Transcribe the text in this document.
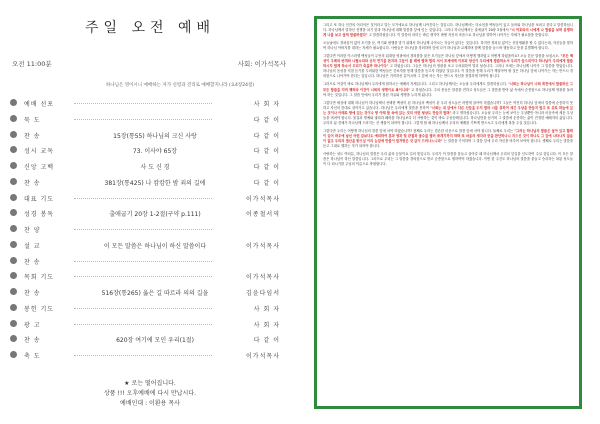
주일 오전 예배
오전 11:00분	사회: 이가석목사
하나님은 영이시니 예배하는 자가 신령과 진리로 예배할지니라 (요4장24절)
예배 선포	사 회 자
묵 도	다 같 이
찬 송	15장(통55) 하나님의 크신 사랑	다 같 이
성시 교독	73. 이사야 65장	다 같 이
신앙 고백	사 도 신 경	다 같 이
찬 송	381장(통425) 나 캄캄한 밤 죄의 길에	다 같 이
대표 기도	이가석목사
성경 봉독	출애굽기 20장 1-2절(구약 p.111)	이종철서역
찬 양
설 교	이 모든 말씀은 하나님이 하신 말씀이다	이가석목사
찬 송
목회 기도	이가석목사
찬 송	516장(통265) 옳은 길 따르라 의의 길을	김윤다임서
봉헌 기도	사 회 자
광 고	사 회 자
찬 송	620장 여기에 모인 우리(1절)	다 같 이
축 도	이가석목사
★ 로는 떨어집니다.
상품 !!! 오후예배에 다시 만납시다.
예배인대 : 이환용 목사

그리고 또 하나 인간의 어리석은 것이라고 말는 모기에요로 하나님께 나아간다는 것입니다. 하나님께서는 미소천을 백성들이 있고 들어와 하나님을 보려고 한다고 말씀하십니다. 하나님께서 말하신 전쟁을 치기 한과 하나님에 대해 말씀을 앞에 잇는 것입니다. 그러나 하나님께서는 출애굽기 20장 3절에서 "너 여호와의 너에게 나 말씀을 보며 분명하게 나를 보고 살게 말씀하셨다" 고 말씀하셨습니다. 이 말씀의 의미는 바른 생각이 바뀐 자신의 마음으로 하나님을 향하여 나아가는 자세가 필요함을 뜻합니다.

오늘날에도 경외심이 없이 모기을 둔, 여기와 평행을 맞기 위해서 하나님께 나아오는 자들이 있다는 것입니다. 하지만 경외심 없이는 신앙생활을 할 수 없다는데, 자신들을 향하여 하나님 아버지를 대하는 자세가 필요합니다. 사람들은 하나님을 경외하며 앞에 나가 하나님과 교제하며 함께 말씀을 들으며 행동하고 뜻을 분별해야 합니다.

그렇다면 이러한 이스라엘 백성들이 무언의 위대함 영광에서 경외함을 잃은 모기들은 하나님 앞에서 어떻게 행하였고 어떻게 하였을까요? 오늘 본문 말씀을 보십시오. "모든 백성이 우레와 번개와 나팔소리와 산의 연기를 본지라 그들이 볼 때에 떨며 멀리 서서 모세에게 이르되 당신이 우리에게 말씀하소서 우리가 들으리이다 하나님이 우리에게 말씀하시지 말게 하소서 우리가 죽을까 하나이다" 고 하였습니다. 그들은 하나님의 영광을 보고 두려워하여 멀리 섰습니다. 그러나 모세는 하나님께 나아가 그 말씀을 받았습니다. 하나님의 음성을 직접 듣기를 두려워한 백성들은 중보자를 통해 말씀을 듣고자 하였던 것입니다. 이 말씀을 통해 우리가 깨달아야 할 것은 하나님 앞에 나아가는 자는 반드시 경외함으로 나아가야 한다는 것입니다. 하나님은 거룩하신 분이시며 그 앞에 서는 자는 반드시 자신을 정결하게 하여야 합니다.

그러므로 이것이 바로 하나님께서 우리에게 원하시는 예배의 자세입니다. 그리고 하나님께서는 오늘날 우리에게도 말씀하십니다. "너희는 하나님이 너희 목전에서 말씀하신 그 모든 말씀을 지켜 행하라 이것이 너희의 생명이요 복이니라" 고 하셨습니다. 주의 종들은 말씀을 전하고 성도들은 그 말씀을 받아 삶 속에서 순종함으로 하나님께 영광을 돌려야 하는 것입니다. 그 말씀 안에서 우리가 참된 자유와 생명을 누리게 됩니다.

그렇다면 세상에 대해 하나님이 하나님께서 선택한 백성이 된 하나님의 백성이 된 우리 성도들은 어떻게 살아야 하겠습니까? 그들은 여전히 하나님 앞에서 말씀에 순종하지 못하고 자신의 뜻대로 살아가고 있습니다. 하나님은 우리에게 말씀을 통하여 "너희는 내 앞에서 다른 신들을 두지 말라 너를 위하여 새긴 우상을 만들지 말고 또 위로 하늘에 있는 것이나 아래로 땅에 있는 것이나 땅 아래 물 속에 있는 것의 어떤 형상도 만들지 말며" 라고 명하셨습니다. 오늘날 우리는 눈에 보이는 우상뿐만 아니라 마음속에 세운 우상들을 버려야 합니다. 물질과 명예와 권력과 쾌락을 하나님보다 더 사랑하는 것이 바로 우상숭배입니다. 하나님만을 섬기며 그 말씀에 순종하는 삶이 진정한 예배자의 삶입니다. 우리의 삶 전체가 하나님께 드려지는 산 제물이 되어야 합니다. 그렇게 할 때 하나님께서 우리의 예배를 기쁘게 받으시고 우리에게 복을 주실 것입니다.

그렇다면 우리는 어떻게 하나님의 말씀 앞에 서야 하겠습니까? 첫째로 우리는 겸손한 마음으로 말씀 앞에 서야 합니다. 둘째로 우리는 "그러는 하나님의 말씀은 살아 있고 활력이 있어 좌우에 날선 어떤 검보다도 예리하여 혼과 영과 및 관절과 골수를 찔러 쪼개기까지 하며 또 마음의 생각과 뜻을 판단하나니 지으신 것이 하나도 그 앞에 나타나지 않음이 없고 우리의 결산을 받으실 이의 눈앞에 만물이 벌거벗은 것 같이 드러나느니라" 는 말씀을 기억하며 그 말씀 앞에 우리 자신을 비추어 보아야 합니다. 셋째로 우리는 말씀을 듣고 그대로 행하는 자가 되어야 합니다.

사랑하는 성도 여러분, 하나님의 말씀은 우리 삶의 등불이요 길의 빛입니다. 우리가 이 말씀을 붙들고 살아갈 때 하나님께서 우리의 앞길을 인도하여 주실 것입니다. 이 모든 말씀은 하나님이 하신 말씀입니다. 그러므로 우리는 그 말씀을 경외함으로 받고 순종함으로 행하여야 하겠습니다. 이번 한 주간도 하나님의 말씀을 붙들고 승리하는 복된 성도들이 다 되시기를 주님의 이름으로 축원합니다.
